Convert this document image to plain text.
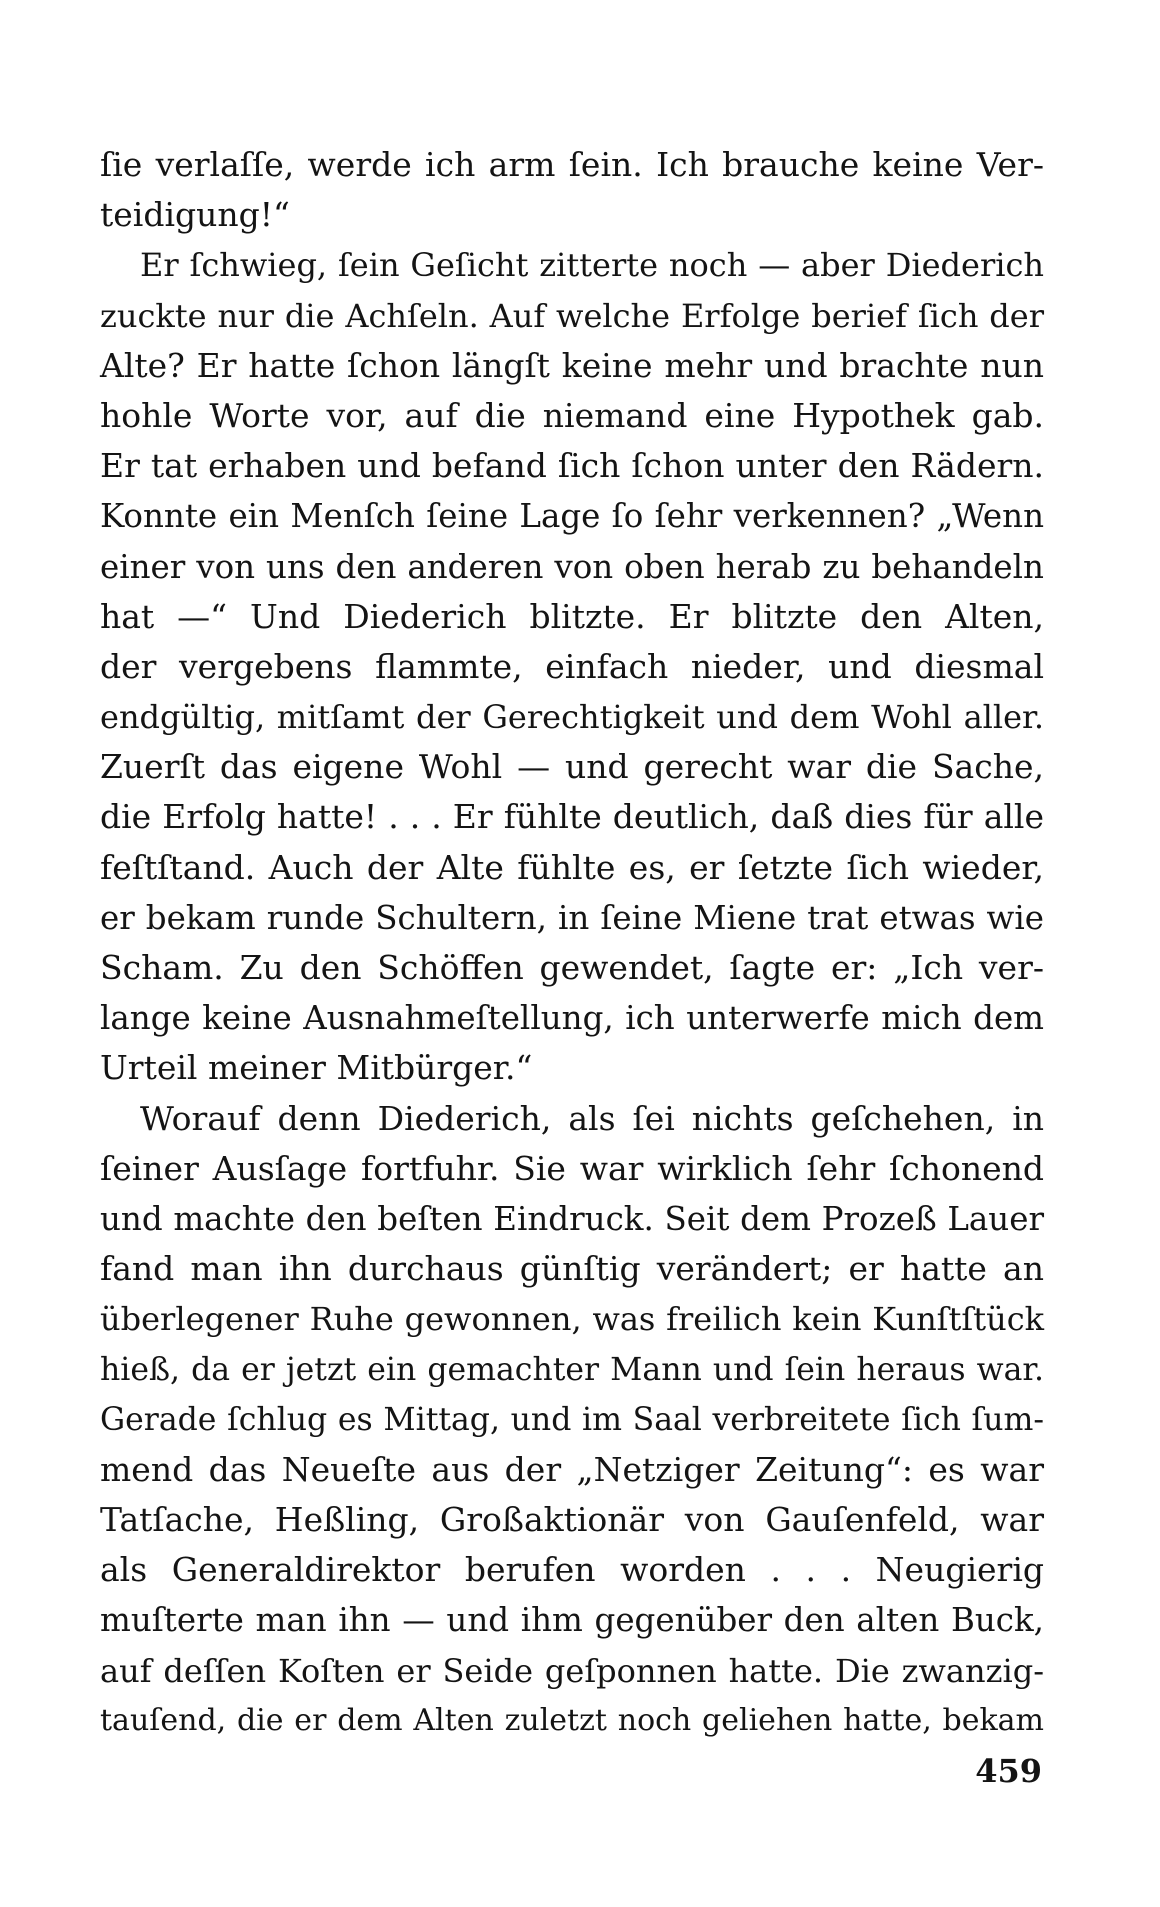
ſie verlaſſe, werde ich arm ſein. Ich brauche keine Ver-
teidigung!“
Er ſchwieg, ſein Geſicht zitterte noch — aber Diederich
zuckte nur die Achſeln. Auf welche Erfolge berief ſich der
Alte? Er hatte ſchon längſt keine mehr und brachte nun
hohle Worte vor, auf die niemand eine Hypothek gab.
Er tat erhaben und befand ſich ſchon unter den Rädern.
Konnte ein Menſch ſeine Lage ſo ſehr verkennen? „Wenn
einer von uns den anderen von oben herab zu behandeln
hat —“ Und Diederich blitzte. Er blitzte den Alten,
der vergebens flammte, einfach nieder, und diesmal
endgültig, mitſamt der Gerechtigkeit und dem Wohl aller.
Zuerſt das eigene Wohl — und gerecht war die Sache,
die Erfolg hatte! . . . Er fühlte deutlich, daß dies für alle
feſtſtand. Auch der Alte fühlte es, er ſetzte ſich wieder,
er bekam runde Schultern, in ſeine Miene trat etwas wie
Scham. Zu den Schöffen gewendet, ſagte er: „Ich ver-
lange keine Ausnahmeſtellung, ich unterwerfe mich dem
Urteil meiner Mitbürger.“
Worauf denn Diederich, als ſei nichts geſchehen, in
ſeiner Ausſage fortfuhr. Sie war wirklich ſehr ſchonend
und machte den beſten Eindruck. Seit dem Prozeß Lauer
fand man ihn durchaus günſtig verändert; er hatte an
überlegener Ruhe gewonnen, was freilich kein Kunſtſtück
hieß, da er jetzt ein gemachter Mann und ſein heraus war.
Gerade ſchlug es Mittag, und im Saal verbreitete ſich ſum-
mend das Neueſte aus der „Netziger Zeitung“: es war
Tatſache, Heßling, Großaktionär von Gauſenfeld, war
als Generaldirektor berufen worden . . . Neugierig
muſterte man ihn — und ihm gegenüber den alten Buck,
auf deſſen Koſten er Seide geſponnen hatte. Die zwanzig-
tauſend, die er dem Alten zuletzt noch geliehen hatte, bekam
459
